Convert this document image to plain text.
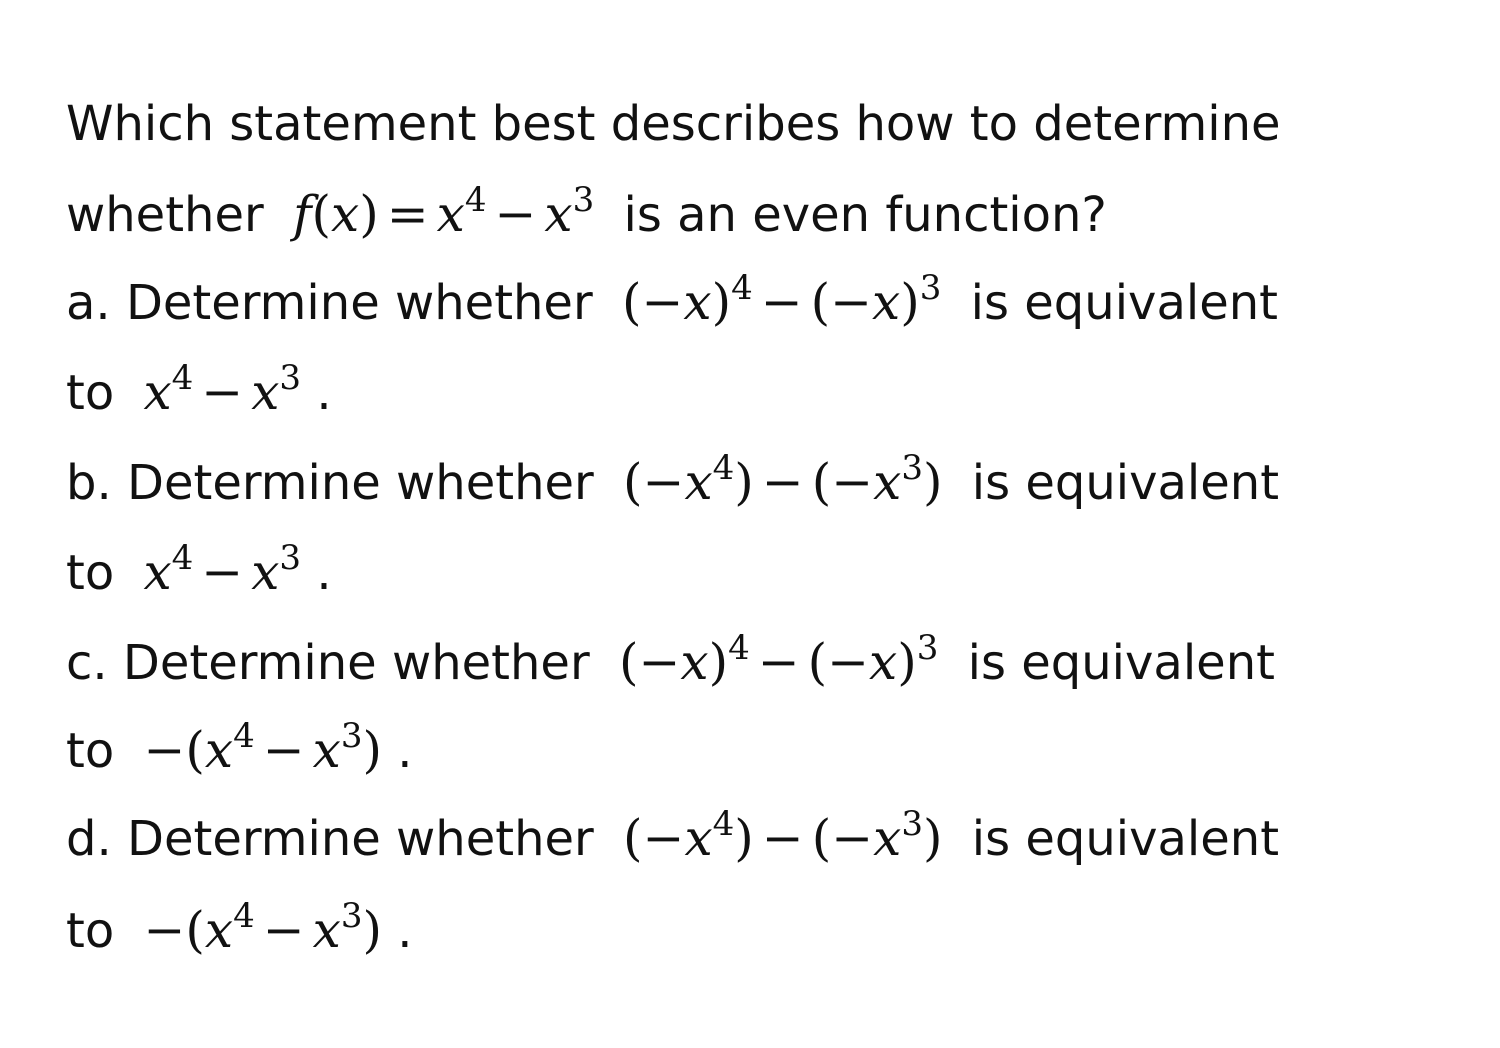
Which statement best describes how to determine
whether $f(x) = x^4 - x^3$ is an even function?
a. Determine whether $(-x)^4 - (-x)^3$ is equivalent
to $x^4 - x^3$ .
b. Determine whether $(-x^4) - (-x^3)$ is equivalent
to $x^4 - x^3$ .
c. Determine whether $(-x)^4 - (-x)^3$ is equivalent
to $-(x^4 - x^3)$ .
d. Determine whether $(-x^4) - (-x^3)$ is equivalent
to $-(x^4 - x^3)$ .
